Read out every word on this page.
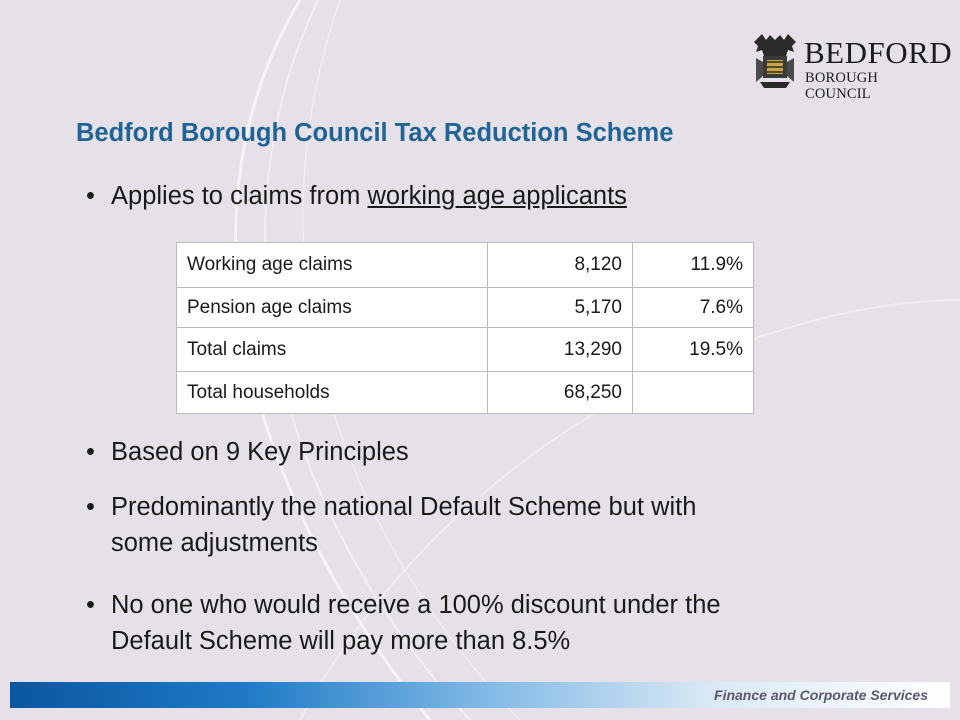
BEDFORD
BOROUGH COUNCIL
Bedford Borough Council Tax Reduction Scheme
• Applies to claims from working age applicants
Working age claims	8,120	11.9%
Pension age claims	5,170	7.6%
Total claims	13,290	19.5%
Total households	68,250	
• Based on 9 Key Principles
• Predominantly the national Default Scheme but with
some adjustments
• No one who would receive a 100% discount under the
Default Scheme will pay more than 8.5%
Finance and Corporate Services
